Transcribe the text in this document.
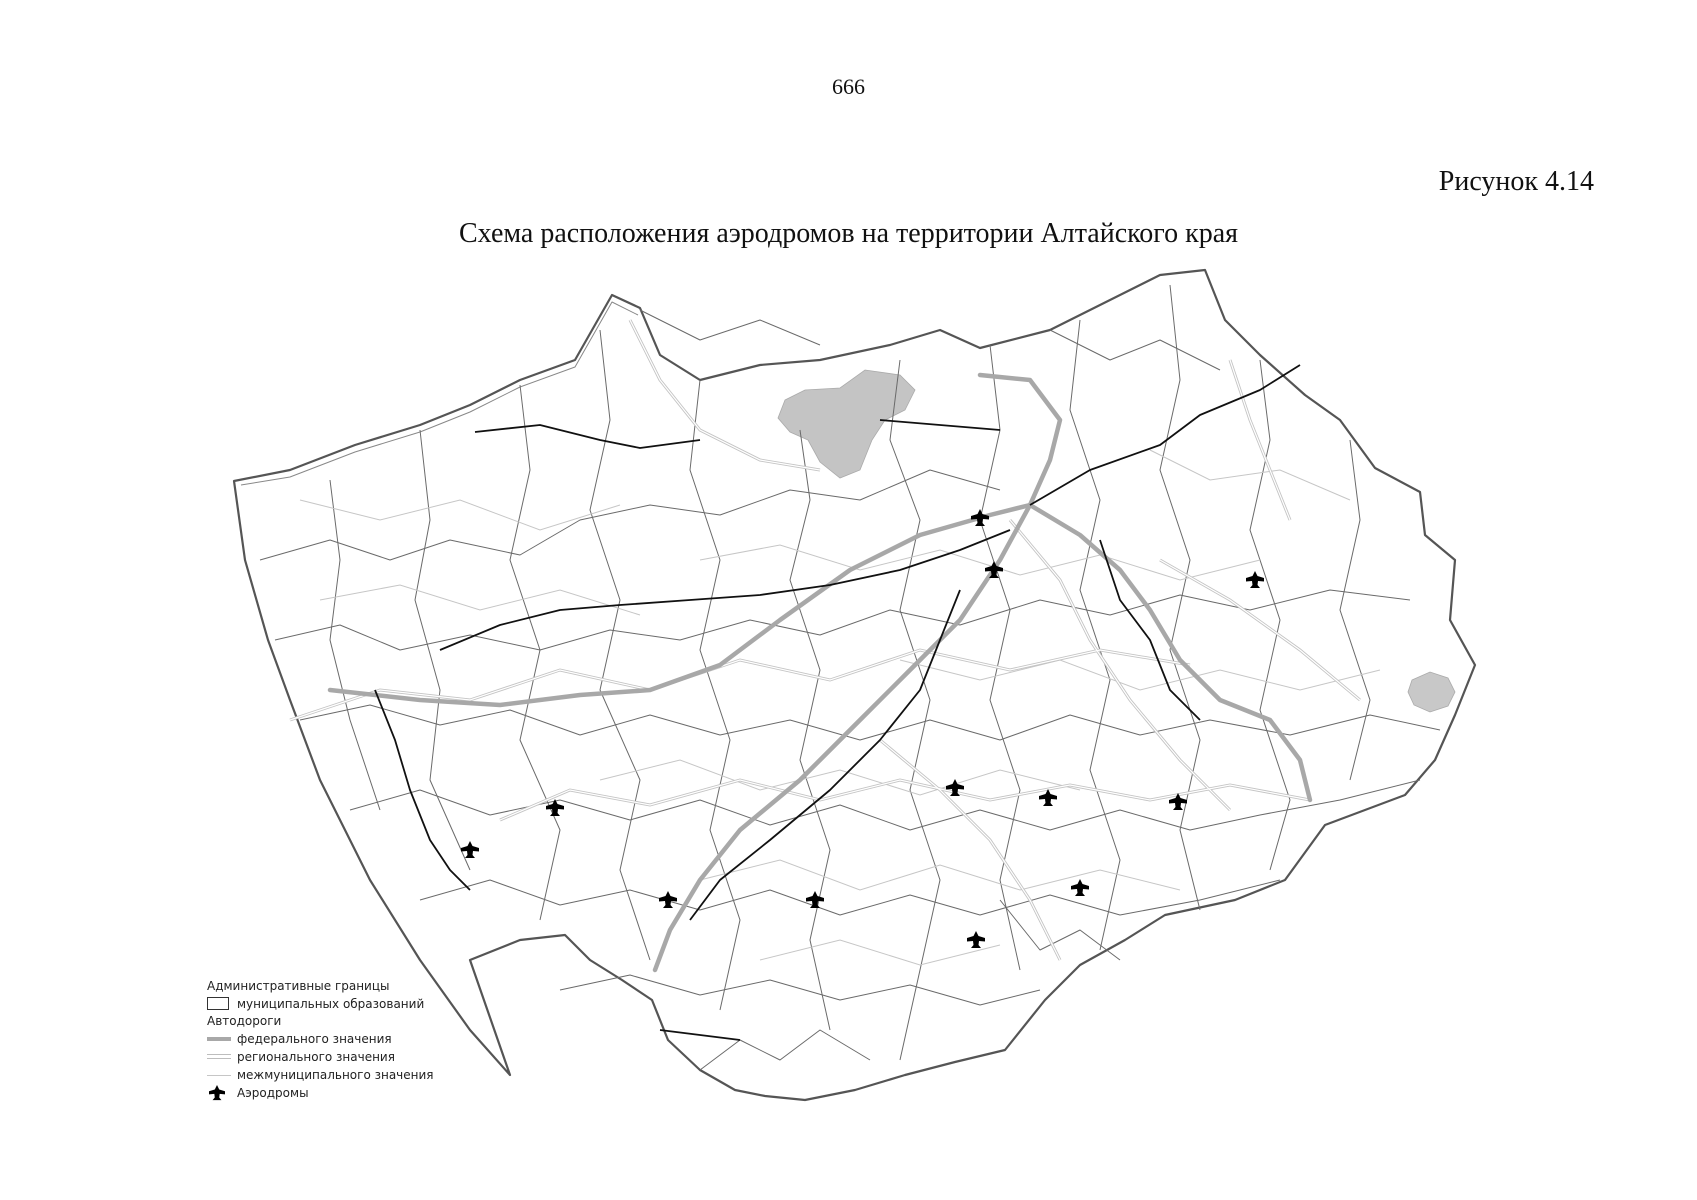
666
Рисунок 4.14
Схема расположения аэродромов на территории Алтайского края
Административные границы
муниципальных образований
Автодороги
федерального значения
регионального значения
межмуниципального значения
Аэродромы
